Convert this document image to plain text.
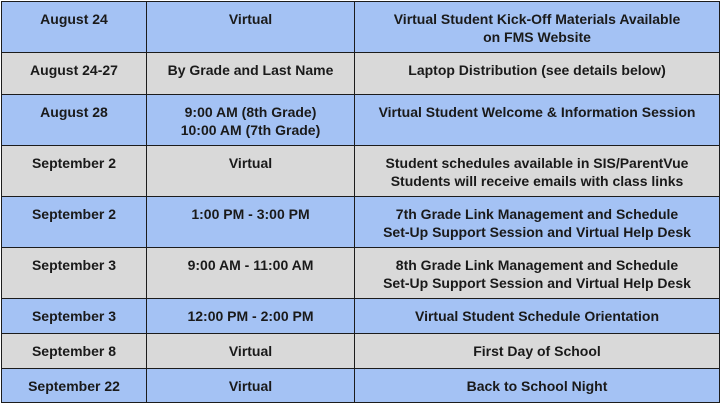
August 24	Virtual	Virtual Student Kick-Off Materials Available
on FMS Website

August 24-27	By Grade and Last Name	Laptop Distribution (see details below)

August 28	9:00 AM (8th Grade)
10:00 AM (7th Grade)	Virtual Student Welcome & Information Session

September 2	Virtual	Student schedules available in SIS/ParentVue
Students will receive emails with class links

September 2	1:00 PM - 3:00 PM	7th Grade Link Management and Schedule
Set-Up Support Session and Virtual Help Desk

September 3	9:00 AM - 11:00 AM	8th Grade Link Management and Schedule
Set-Up Support Session and Virtual Help Desk

September 3	12:00 PM - 2:00 PM	Virtual Student Schedule Orientation

September 8	Virtual	First Day of School

September 22	Virtual	Back to School Night
